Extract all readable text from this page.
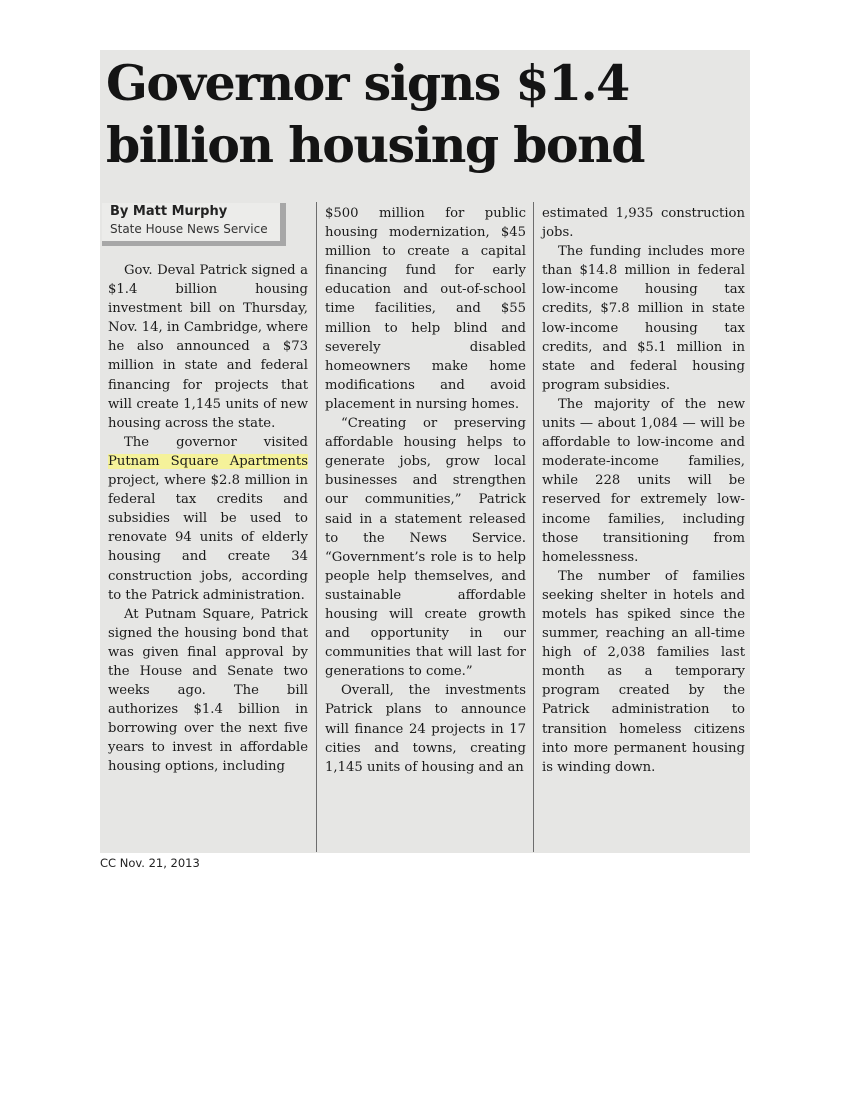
Governor signs $1.4
billion housing bond
By Matt Murphy
State House News Service

Gov. Deval Patrick signed a $1.4 billion housing investment bill on Thursday, Nov. 14, in Cambridge, where he also announced a $73 million in state and federal financing for projects that will create 1,145 units of new housing across the state.

The governor visited Putnam Square Apartments project, where $2.8 million in federal tax credits and subsidies will be used to renovate 94 units of elderly housing and create 34 construction jobs, according to the Patrick administration.

At Putnam Square, Patrick signed the housing bond that was given final approval by the House and Senate two weeks ago. The bill authorizes $1.4 billion in borrowing over the next five years to invest in affordable housing options, including

$500 million for public housing modernization, $45 million to create a capital financing fund for early education and out-of-school time facilities, and $55 million to help blind and severely disabled homeowners make home modifications and avoid placement in nursing homes.

“Creating or preserving affordable housing helps to generate jobs, grow local businesses and strengthen our communities,” Patrick said in a statement released to the News Service. “Government’s role is to help people help themselves, and sustainable affordable housing will create growth and opportunity in our communities that will last for generations to come.”

Overall, the investments Patrick plans to announce will finance 24 projects in 17 cities and towns, creating 1,145 units of housing and an

estimated 1,935 construction jobs.

The funding includes more than $14.8 million in federal low-income housing tax credits, $7.8 million in state low-income housing tax credits, and $5.1 million in state and federal housing program subsidies.

The majority of the new units — about 1,084 — will be affordable to low-income and moderate-income families, while 228 units will be reserved for extremely low-income families, including those transitioning from homelessness.

The number of families seeking shelter in hotels and motels has spiked since the summer, reaching an all-time high of 2,038 families last month as a temporary program created by the Patrick administration to transition homeless citizens into more permanent housing is winding down.

CC Nov. 21, 2013
